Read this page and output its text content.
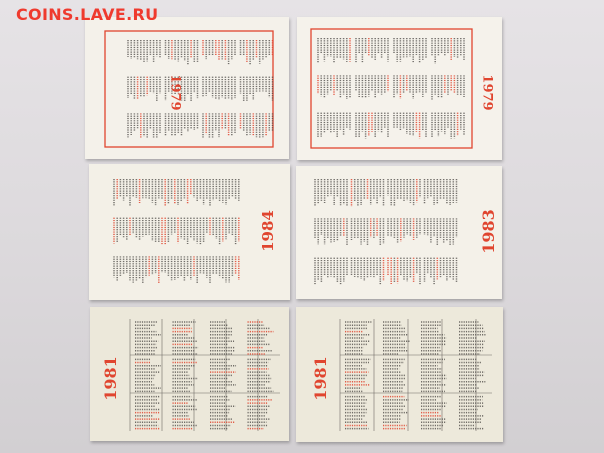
COINS.LAVE.RU
1979	1979
1984	1983
1981	1981
